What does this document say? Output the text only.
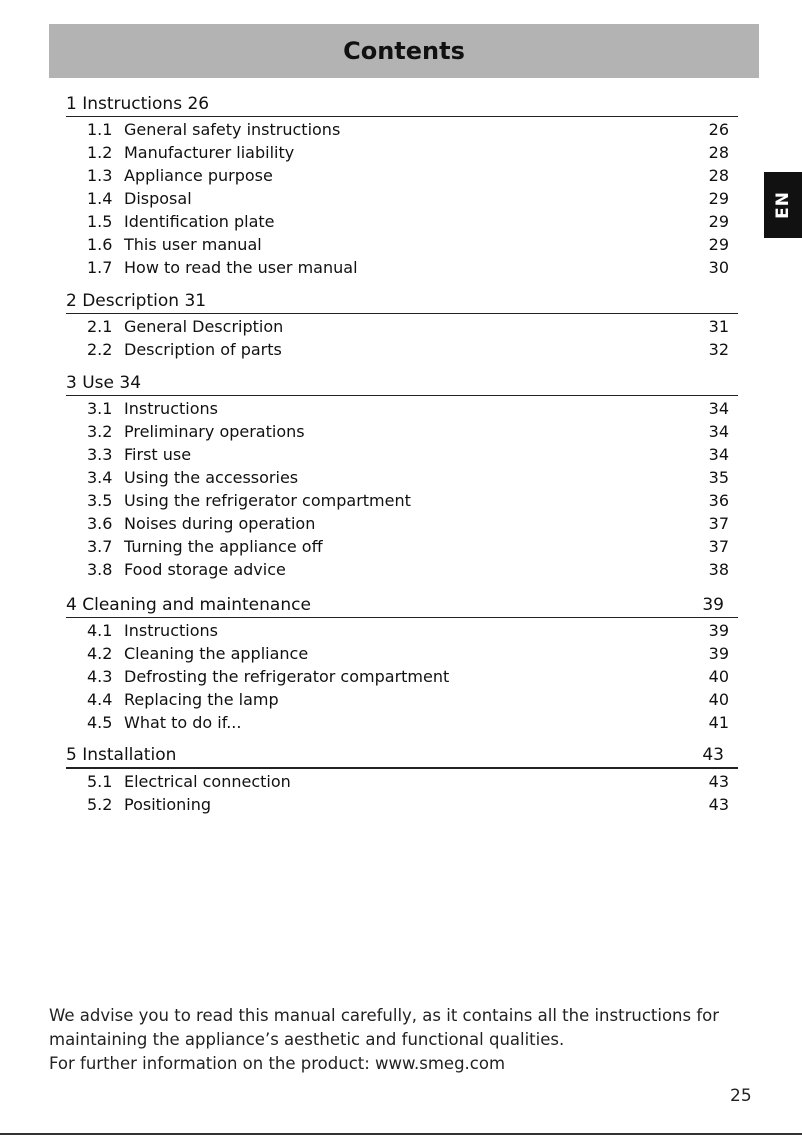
Contents
EN
1 Instructions 26
1.1 General safety instructions	26
1.2 Manufacturer liability	28
1.3 Appliance purpose	28
1.4 Disposal	29
1.5 Identification plate	29
1.6 This user manual	29
1.7 How to read the user manual	30
2 Description 31
2.1 General Description	31
2.2 Description of parts	32
3 Use 34
3.1 Instructions	34
3.2 Preliminary operations	34
3.3 First use	34
3.4 Using the accessories	35
3.5 Using the refrigerator compartment	36
3.6 Noises during operation	37
3.7 Turning the appliance off	37
3.8 Food storage advice	38
4 Cleaning and maintenance	39
4.1 Instructions	39
4.2 Cleaning the appliance	39
4.3 Defrosting the refrigerator compartment	40
4.4 Replacing the lamp	40
4.5 What to do if...	41
5 Installation	43
5.1 Electrical connection	43
5.2 Positioning	43

We advise you to read this manual carefully, as it contains all the instructions for maintaining the appliance’s aesthetic and functional qualities.

For further information on the product: www.smeg.com

25
